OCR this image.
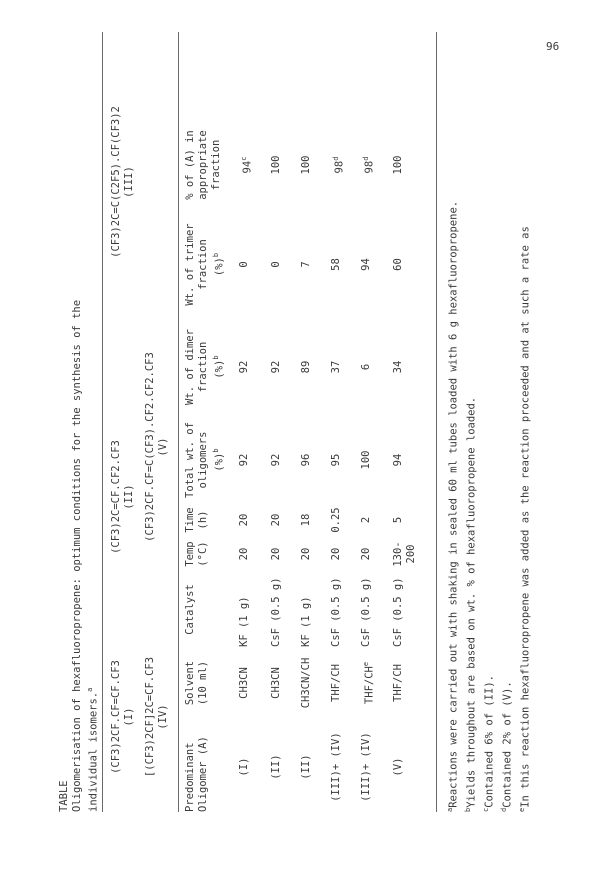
96
TABLE Oligomerisation of hexafluoropropene: optimum conditions for the synthesis of the individual isomers.$^a$	(CF3)2CF.CF=CF.CF3 (I)
(CF3)2C=CF.CF2.CF3 (II)
(CF3)2C=C(C2F5).CF(CF3)2 (III)
[(CF3)2CF]2C=CF.CF3 (IV)
(CF3)2CF.CF=C(CF3).CF2.CF2.CF3 (V)
Predominant Oligomer (A)
Solvent (10 ml)
Catalyst
Temp (°C)
Time (h)
Total wt. of oligomers (%)$^b$
Wt. of dimer fraction (%)$^b$
Wt. of trimer fraction (%)$^b$
% of (A) in appropriate fraction
(I)
CH3CN
KF (1 g)
20
20
92
92
0
94$^c$
(II)
CH3CN
CsF (0.5 g)
20
20
92
92
0
100
(II)
CH3CN/CH
KF (1 g)
20
18
96
89
7
100
(III)+ (IV)
THF/CH
CsF (0.5 g)
20
0.25
95
37
58
98$^d$
(III)+ (IV)
THF/$CH^e$
CsF (0.5 g)
20
2
100
6
94
98$^d$
(V)
THF/CH
CsF (0.5 g)
130- 200
5
94
34
60
100
$^a$Reactions were carried out with shaking in sealed 60 ml tubes loaded with 6 g hexafluoropropene.
$^b$Yields throughout are based on wt. % of hexafluoropropene loaded.
$^c$Contained 6% of (II).
$^d$Contained 2% of (V).
$^e$In this reaction hexafluoropropene was added as the reaction proceeded and at such a rate as
